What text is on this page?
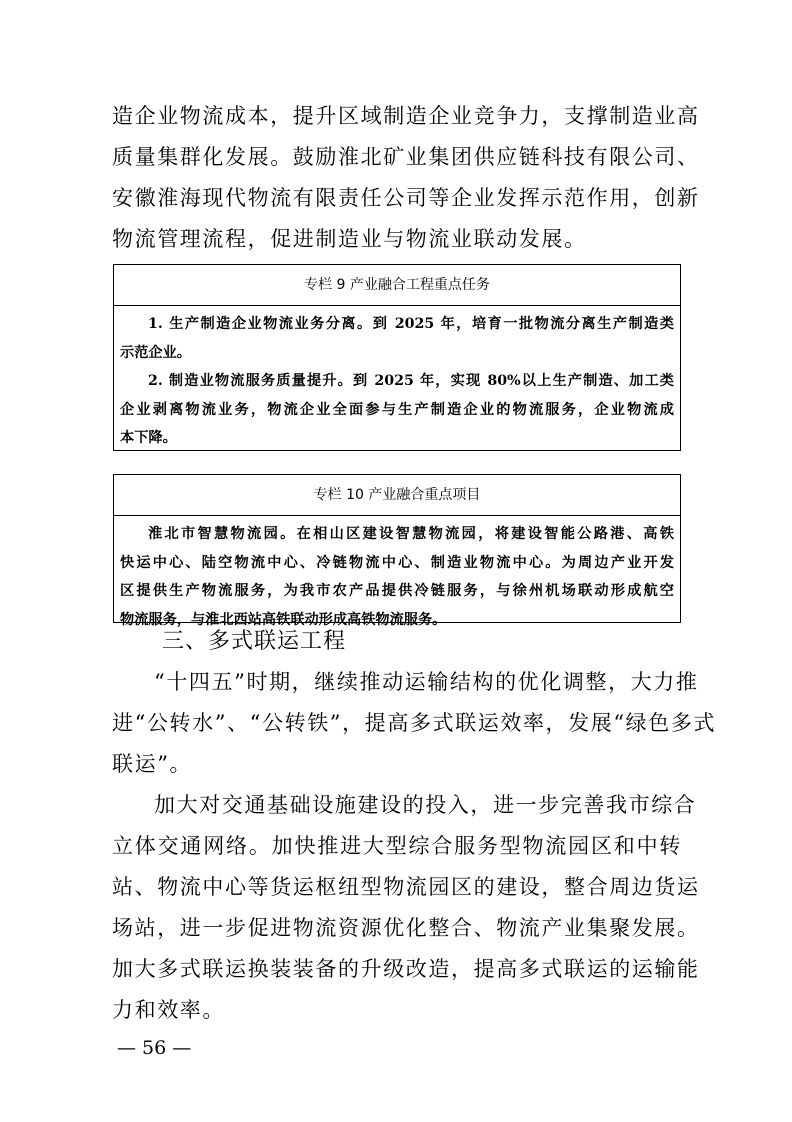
造企业物流成本，提升区域制造企业竞争力，支撑制造业高
质量集群化发展。鼓励淮北矿业集团供应链科技有限公司、
安徽淮海现代物流有限责任公司等企业发挥示范作用，创新
物流管理流程，促进制造业与物流业联动发展。
专栏 9 产业融合工程重点任务
1. 生产制造企业物流业务分离。到 2025 年，培育一批物流分离生产制造类
示范企业。
2. 制造业物流服务质量提升。到 2025 年，实现 80%以上生产制造、加工类
企业剥离物流业务，物流企业全面参与生产制造企业的物流服务，企业物流成
本下降。
专栏 10 产业融合重点项目
淮北市智慧物流园。在相山区建设智慧物流园，将建设智能公路港、高铁
快运中心、陆空物流中心、冷链物流中心、制造业物流中心。为周边产业开发
区提供生产物流服务，为我市农产品提供冷链服务，与徐州机场联动形成航空
物流服务，与淮北西站高铁联动形成高铁物流服务。
三、多式联运工程
“十四五”时期，继续推动运输结构的优化调整，大力推
进“公转水”、“公转铁”，提高多式联运效率，发展“绿色多式
联运”。
加大对交通基础设施建设的投入，进一步完善我市综合
立体交通网络。加快推进大型综合服务型物流园区和中转
站、物流中心等货运枢纽型物流园区的建设，整合周边货运
场站，进一步促进物流资源优化整合、物流产业集聚发展。
加大多式联运换装装备的升级改造，提高多式联运的运输能
力和效率。
— 56 —
